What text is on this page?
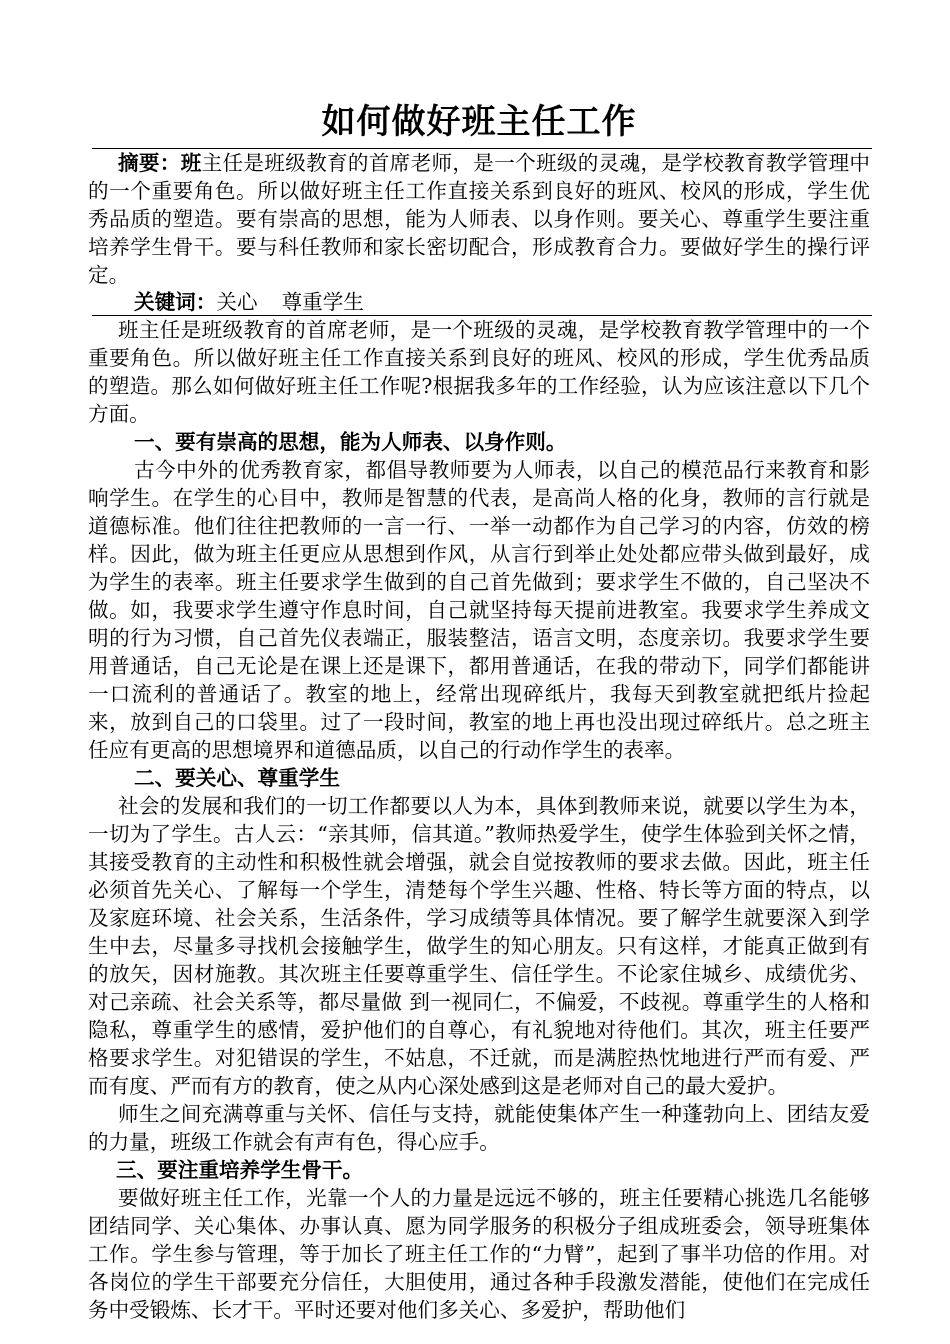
如何做好班主任工作

摘要：班主任是班级教育的首席老师，是一个班级的灵魂，是学校教育教学管理中的一个重要角色。所以做好班主任工作直接关系到良好的班风、校风的形成，学生优秀品质的塑造。要有崇高的思想，能为人师表、以身作则。要关心、尊重学生要注重培养学生骨干。要与科任教师和家长密切配合，形成教育合力。要做好学生的操行评定。

关键词：关心 尊重学生

班主任是班级教育的首席老师，是一个班级的灵魂，是学校教育教学管理中的一个重要角色。所以做好班主任工作直接关系到良好的班风、校风的形成，学生优秀品质的塑造。那么如何做好班主任工作呢?根据我多年的工作经验，认为应该注意以下几个方面。

一、要有崇高的思想，能为人师表、以身作则。

古今中外的优秀教育家，都倡导教师要为人师表，以自己的模范品行来教育和影响学生。在学生的心目中，教师是智慧的代表，是高尚人格的化身，教师的言行就是道德标准。他们往往把教师的一言一行、一举一动都作为自己学习的内容，仿效的榜样。因此，做为班主任更应从思想到作风，从言行到举止处处都应带头做到最好，成为学生的表率。班主任要求学生做到的自己首先做到；要求学生不做的，自己坚决不做。如，我要求学生遵守作息时间，自己就坚持每天提前进教室。我要求学生养成文明的行为习惯，自己首先仪表端正，服装整洁，语言文明，态度亲切。我要求学生要用普通话，自己无论是在课上还是课下，都用普通话，在我的带动下，同学们都能讲一口流利的普通话了。教室的地上，经常出现碎纸片，我每天到教室就把纸片捡起来，放到自己的口袋里。过了一段时间，教室的地上再也没出现过碎纸片。总之班主任应有更高的思想境界和道德品质，以自己的行动作学生的表率。

二、要关心、尊重学生

社会的发展和我们的一切工作都要以人为本，具体到教师来说，就要以学生为本，一切为了学生。古人云：“亲其师，信其道。”教师热爱学生，使学生体验到关怀之情，其接受教育的主动性和积极性就会增强，就会自觉按教师的要求去做。因此，班主任必须首先关心、了解每一个学生，清楚每个学生兴趣、性格、特长等方面的特点，以及家庭环境、社会关系，生活条件，学习成绩等具体情况。要了解学生就要深入到学生中去，尽量多寻找机会接触学生，做学生的知心朋友。只有这样，才能真正做到有的放矢，因材施教。其次班主任要尊重学生、信任学生。不论家住城乡、成绩优劣、对己亲疏、社会关系等，都尽量做 到一视同仁，不偏爱，不歧视。尊重学生的人格和隐私，尊重学生的感情，爱护他们的自尊心，有礼貌地对待他们。其次，班主任要严格要求学生。对犯错误的学生，不姑息，不迁就，而是满腔热忱地进行严而有爱、严而有度、严而有方的教育，使之从内心深处感到这是老师对自己的最大爱护。

师生之间充满尊重与关怀、信任与支持，就能使集体产生一种蓬勃向上、团结友爱的力量，班级工作就会有声有色，得心应手。

三、要注重培养学生骨干。

要做好班主任工作，光靠一个人的力量是远远不够的，班主任要精心挑选几名能够团结同学、关心集体、办事认真、愿为同学服务的积极分子组成班委会，领导班集体工作。学生参与管理，等于加长了班主任工作的“力臂”，起到了事半功倍的作用。对各岗位的学生干部要充分信任，大胆使用，通过各种手段激发潜能，使他们在完成任务中受锻炼、长才干。平时还要对他们多关心、多爱护，帮助他们
